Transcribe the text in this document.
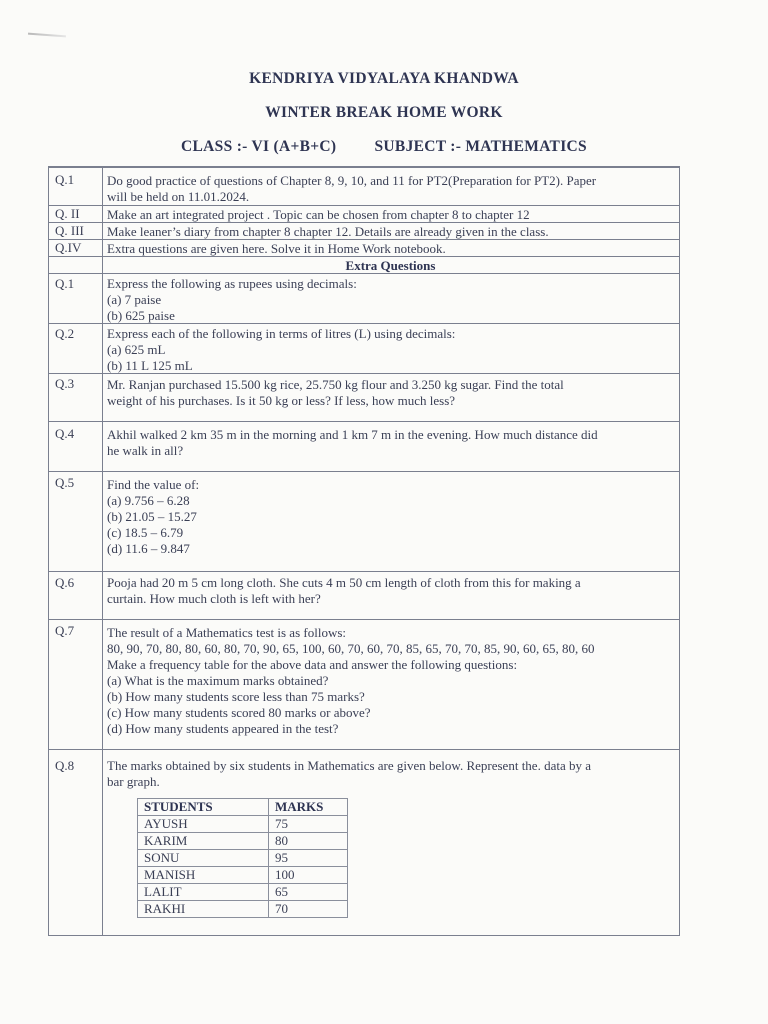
KENDRIYA VIDYALAYA KHANDWA
WINTER BREAK HOME WORK
CLASS :- VI (A+B+C) SUBJECT :- MATHEMATICS
Q.1	Do good practice of questions of Chapter 8, 9, 10, and 11 for PT2(Preparation for PT2). Paper
will be held on 11.01.2024.
Q. II Make an art integrated project . Topic can be chosen from chapter 8 to chapter 12
Q. III Make leaner’s diary from chapter 8 chapter 12. Details are already given in the class.
Q.IV Extra questions are given here. Solve it in Home Work notebook.
Extra Questions
Q.1	Express the following as rupees using decimals:
(a) 7 paise
(b) 625 paise
Q.2	Express each of the following in terms of litres (L) using decimals:
(a) 625 mL
(b) 11 L 125 mL
Q.3	Mr. Ranjan purchased 15.500 kg rice, 25.750 kg flour and 3.250 kg sugar. Find the total
weight of his purchases. Is it 50 kg or less? If less, how much less?
Q.4	Akhil walked 2 km 35 m in the morning and 1 km 7 m in the evening. How much distance did
he walk in all?
Q.5	Find the value of:
(a) 9.756 – 6.28
(b) 21.05 – 15.27
(c) 18.5 – 6.79
(d) 11.6 – 9.847
Q.6	Pooja had 20 m 5 cm long cloth. She cuts 4 m 50 cm length of cloth from this for making a
curtain. How much cloth is left with her?
Q.7	The result of a Mathematics test is as follows:
80, 90, 70, 80, 80, 60, 80, 70, 90, 65, 100, 60, 70, 60, 70, 85, 65, 70, 70, 85, 90, 60, 65, 80, 60
Make a frequency table for the above data and answer the following questions:
(a) What is the maximum marks obtained?
(b) How many students score less than 75 marks?
(c) How many students scored 80 marks or above?
(d) How many students appeared in the test?
Q.8	The marks obtained by six students in Mathematics are given below. Represent the. data by a
bar graph.
STUDENTS	MARKS
AYUSH	75
KARIM	80
SONU	95
MANISH	100
LALIT	65
RAKHI	70
